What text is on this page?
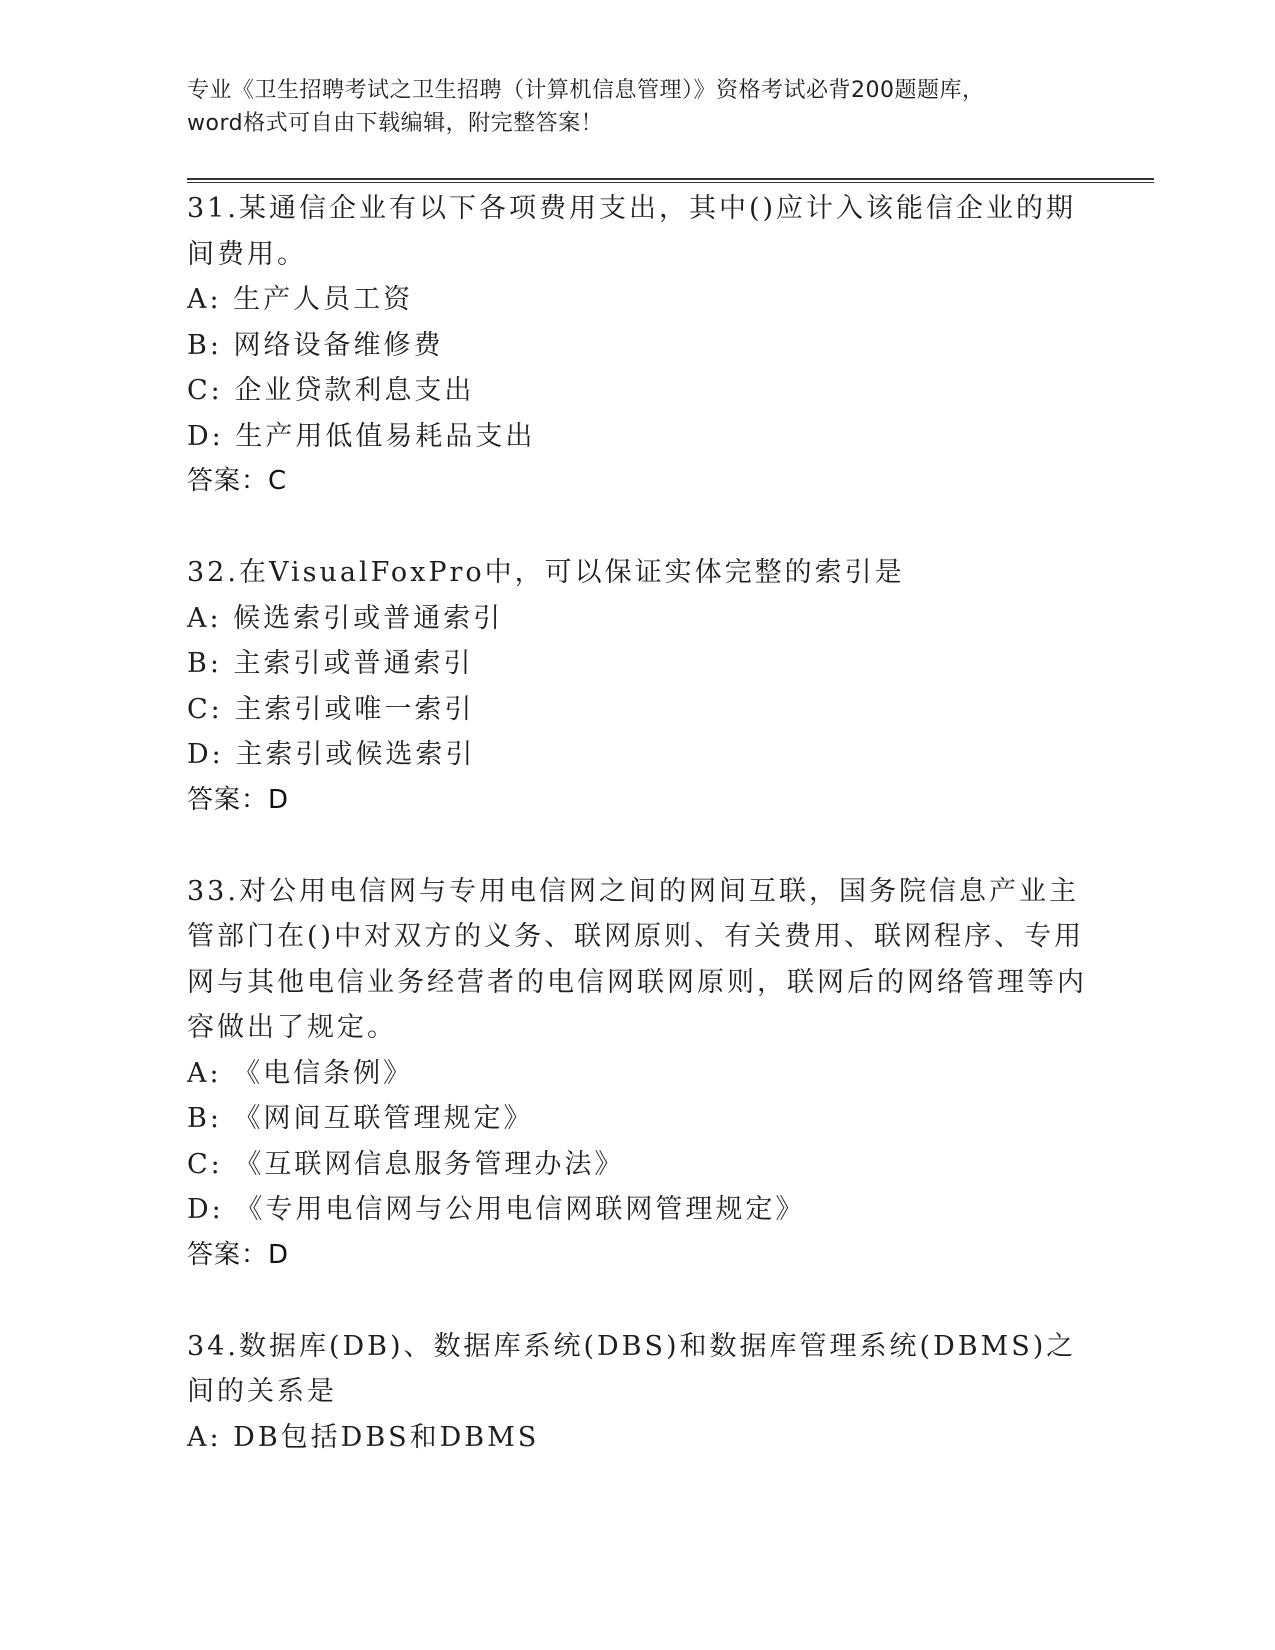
专业《卫生招聘考试之卫生招聘（计算机信息管理）》资格考试必背200题题库，
word格式可自由下载编辑，附完整答案！

31.某通信企业有以下各项费用支出，其中()应计入该能信企业的期间费用。

A: 生产人员工资

B: 网络设备维修费

C: 企业贷款利息支出

D: 生产用低值易耗品支出

答案：C

32.在VisualFoxPro中，可以保证实体完整的索引是

A: 候选索引或普通索引

B: 主索引或普通索引

C: 主索引或唯一索引

D: 主索引或候选索引

答案：D

33.对公用电信网与专用电信网之间的网间互联，国务院信息产业主管部门在()中对双方的义务、联网原则、有关费用、联网程序、专用网与其他电信业务经营者的电信网联网原则，联网后的网络管理等内容做出了规定。

A: 《电信条例》

B: 《网间互联管理规定》

C: 《互联网信息服务管理办法》

D: 《专用电信网与公用电信网联网管理规定》

答案：D

34.数据库(DB)、数据库系统(DBS)和数据库管理系统(DBMS)之间的关系是

A: DB包括DBS和DBMS
